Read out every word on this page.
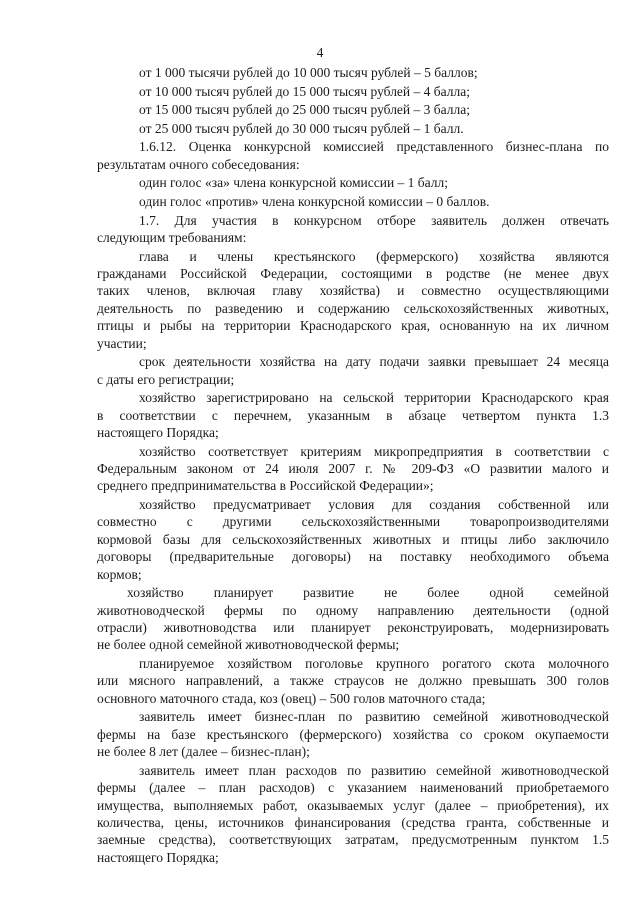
4
от 1 000 тысячи рублей до 10 000 тысяч рублей – 5 баллов;
от 10 000 тысяч рублей до 15 000 тысяч рублей – 4 балла;
от 15 000 тысяч рублей до 25 000 тысяч рублей – 3 балла;
от 25 000 тысяч рублей до 30 000 тысяч рублей – 1 балл.
1.6.12. Оценка конкурсной комиссией представленного бизнес-плана по
результатам очного собеседования:
один голос «за» члена конкурсной комиссии – 1 балл;
один голос «против» члена конкурсной комиссии – 0 баллов.
1.7. Для участия в конкурсном отборе заявитель должен отвечать
следующим требованиям:
глава и члены крестьянского (фермерского) хозяйства являются
гражданами Российской Федерации, состоящими в родстве (не менее двух
таких членов, включая главу хозяйства) и совместно осуществляющими
деятельность по разведению и содержанию сельскохозяйственных животных,
птицы и рыбы на территории Краснодарского края, основанную на их личном
участии;
срок деятельности хозяйства на дату подачи заявки превышает 24 месяца
с даты его регистрации;
хозяйство зарегистрировано на сельской территории Краснодарского края
в соответствии с перечнем, указанным в абзаце четвертом пункта 1.3
настоящего Порядка;
хозяйство соответствует критериям микропредприятия в соответствии с
Федеральным законом от 24 июля 2007 г. № 209-ФЗ «О развитии малого и
среднего предпринимательства в Российской Федерации»;
хозяйство предусматривает условия для создания собственной или
совместно с другими сельскохозяйственными товаропроизводителями
кормовой базы для сельскохозяйственных животных и птицы либо заключило
договоры (предварительные договоры) на поставку необходимого объема
кормов;
хозяйство планирует развитие не более одной семейной
животноводческой фермы по одному направлению деятельности (одной
отрасли) животноводства или планирует реконструировать, модернизировать
не более одной семейной животноводческой фермы;
планируемое хозяйством поголовье крупного рогатого скота молочного
или мясного направлений, а также страусов не должно превышать 300 голов
основного маточного стада, коз (овец) – 500 голов маточного стада;
заявитель имеет бизнес-план по развитию семейной животноводческой
фермы на базе крестьянского (фермерского) хозяйства со сроком окупаемости
не более 8 лет (далее – бизнес-план);
заявитель имеет план расходов по развитию семейной животноводческой
фермы (далее – план расходов) с указанием наименований приобретаемого
имущества, выполняемых работ, оказываемых услуг (далее – приобретения), их
количества, цены, источников финансирования (средства гранта, собственные и
заемные средства), соответствующих затратам, предусмотренным пунктом 1.5
настоящего Порядка;
